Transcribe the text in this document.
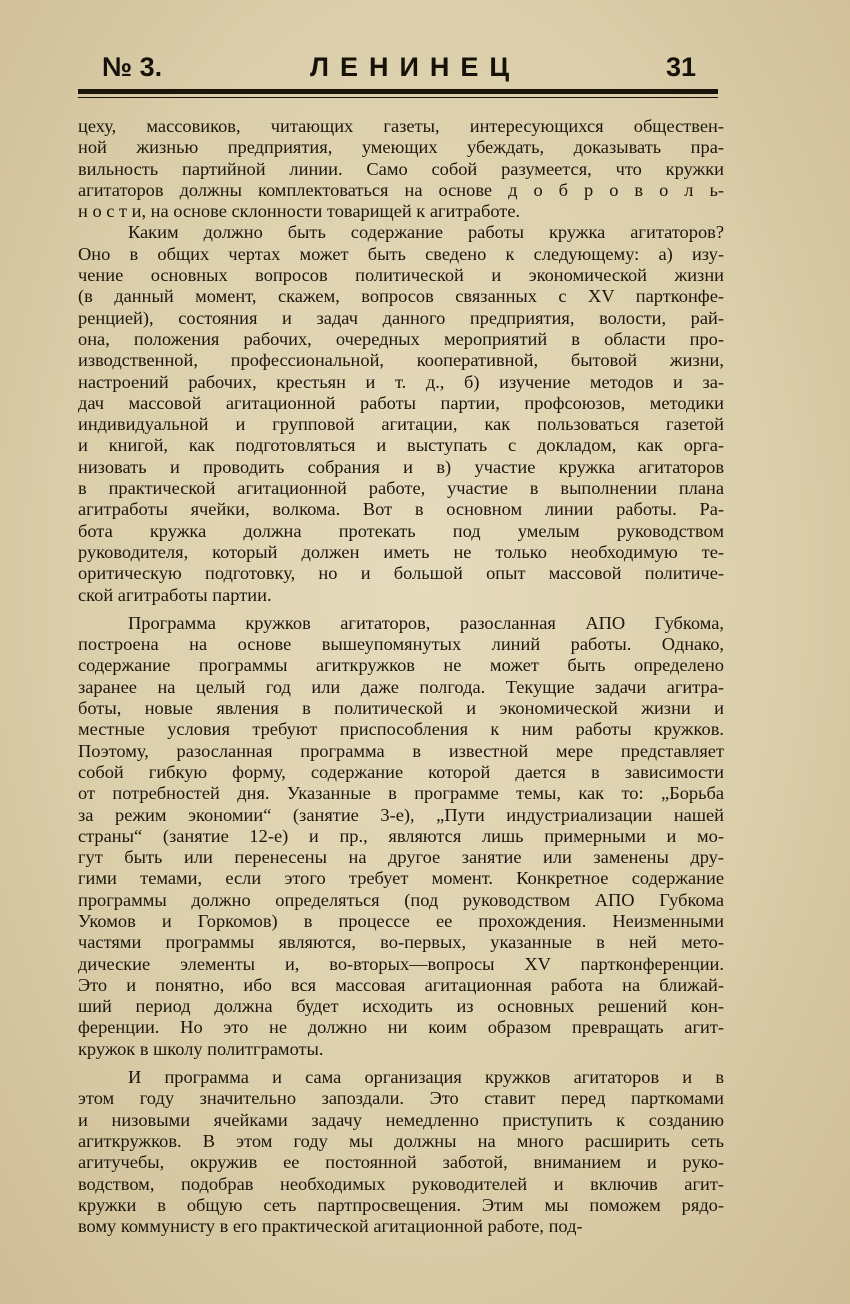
№ 3.	ЛЕНИНЕЦ	31
цеху, массовиков, читающих газеты, интересующихся обществен-
ной жизнью предприятия, умеющих убеждать, доказывать пра-
вильность партийной линии. Само собой разумеется, что кружки
агитаторов должны комплектоваться на основе д о б р о в о л ь-
н о с т и, на основе склонности товарищей к агитработе.
Каким должно быть содержание работы кружка агитаторов?
Оно в общих чертах может быть сведено к следующему: а) изу-
чение основных вопросов политической и экономической жизни
(в данный момент, скажем, вопросов связанных с XV партконфе-
ренцией), состояния и задач данного предприятия, волости, рай-
она, положения рабочих, очередных мероприятий в области про-
изводственной, профессиональной, кооперативной, бытовой жизни,
настроений рабочих, крестьян и т. д., б) изучение методов и за-
дач массовой агитационной работы партии, профсоюзов, методики
индивидуальной и групповой агитации, как пользоваться газетой
и книгой, как подготовляться и выступать с докладом, как орга-
низовать и проводить собрания и в) участие кружка агитаторов
в практической агитационной работе, участие в выполнении плана
агитработы ячейки, волкома. Вот в основном линии работы. Ра-
бота кружка должна протекать под умелым руководством
руководителя, который должен иметь не только необходимую те-
оритическую подготовку, но и большой опыт массовой политиче-
ской агитработы партии.
Программа кружков агитаторов, разосланная АПО Губкома,
построена на основе вышеупомянутых линий работы. Однако,
содержание программы агиткружков не может быть определено
заранее на целый год или даже полгода. Текущие задачи агитра-
боты, новые явления в политической и экономической жизни и
местные условия требуют приспособления к ним работы кружков.
Поэтому, разосланная программа в известной мере представляет
собой гибкую форму, содержание которой дается в зависимости
от потребностей дня. Указанные в программе темы, как то: „Борьба
за режим экономии“ (занятие 3-е), „Пути индустриализации нашей
страны“ (занятие 12-е) и пр., являются лишь примерными и мо-
гут быть или перенесены на другое занятие или заменены дру-
гими темами, если этого требует момент. Конкретное содержание
программы должно определяться (под руководством АПО Губкома
Укомов и Горкомов) в процессе ее прохождения. Неизменными
частями программы являются, во-первых, указанные в ней мето-
дические элементы и, во-вторых—вопросы XV партконференции.
Это и понятно, ибо вся массовая агитационная работа на ближай-
ший период должна будет исходить из основных решений кон-
ференции. Но это не должно ни коим образом превращать агит-
кружок в школу политграмоты.
И программа и сама организация кружков агитаторов и в
этом году значительно запоздали. Это ставит перед парткомами
и низовыми ячейками задачу немедленно приступить к созданию
агиткружков. В этом году мы должны на много расширить сеть
агитучебы, окружив ее постоянной заботой, вниманием и руко-
водством, подобрав необходимых руководителей и включив агит-
кружки в общую сеть партпросвещения. Этим мы поможем рядо-
вому коммунисту в его практической агитационной работе, под-
